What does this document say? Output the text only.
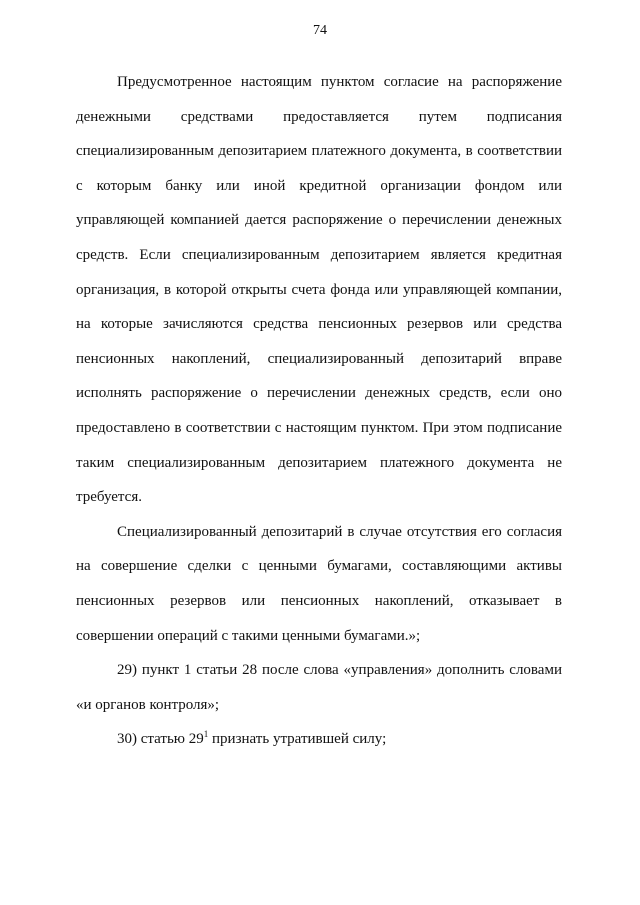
74

Предусмотренное настоящим пунктом согласие на распоряжение денежными средствами предоставляется путем подписания специализированным депозитарием платежного документа, в соответствии с которым банку или иной кредитной организации фондом или управляющей компанией дается распоряжение о перечислении денежных средств. Если специализированным депозитарием является кредитная организация, в которой открыты счета фонда или управляющей компании, на которые зачисляются средства пенсионных резервов или средства пенсионных накоплений, специализированный депозитарий вправе исполнять распоряжение о перечислении денежных средств, если оно предоставлено в соответствии с настоящим пунктом. При этом подписание таким специализированным депозитарием платежного документа не требуется.

Специализированный депозитарий в случае отсутствия его согласия на совершение сделки с ценными бумагами, составляющими активы пенсионных резервов или пенсионных накоплений, отказывает в совершении операций с такими ценными бумагами.»;

29) пункт 1 статьи 28 после слова «управления» дополнить словами «и органов контроля»;

30) статью $29^1$ признать утратившей силу;
